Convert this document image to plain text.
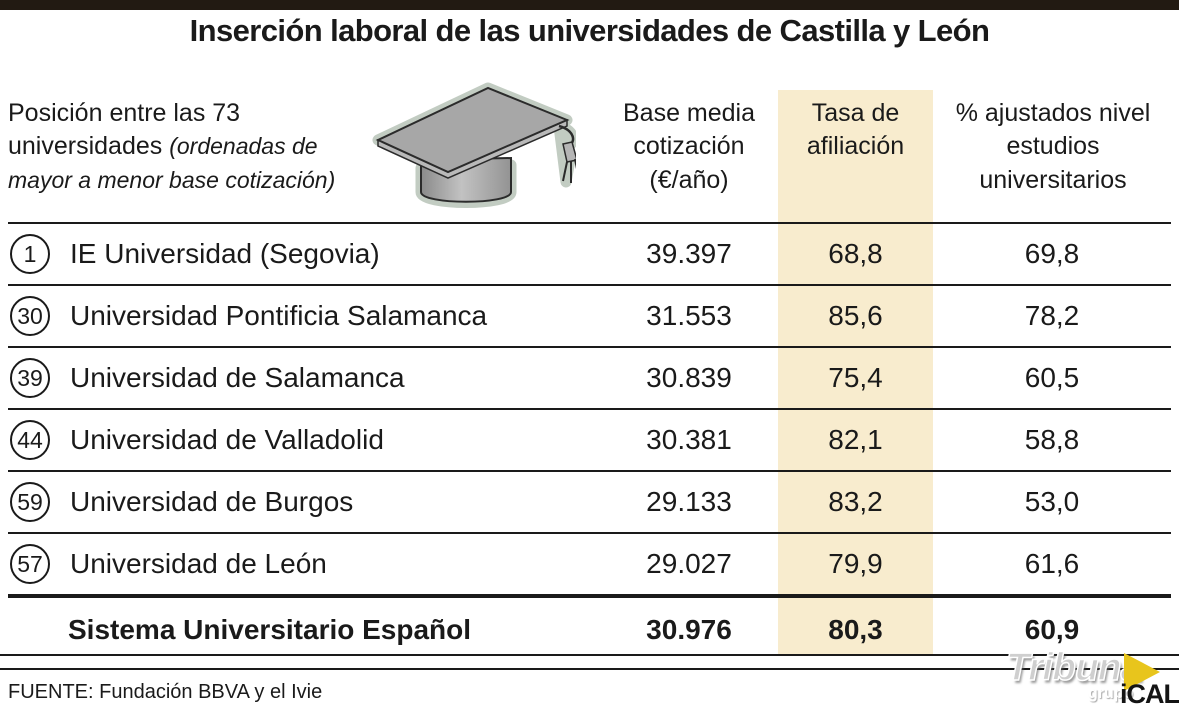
Inserción laboral de las universidades de Castilla y León
Posición entre las 73 universidades (ordenadas de mayor a menor base cotización)
Base media cotización (€/año)
Tasa de afiliación
% ajustados nivel estudios universitarios
1	IE Universidad (Segovia)	39.397	68,8	69,8
30 Universidad Pontificia Salamanca	31.553	85,6	78,2
39 Universidad de Salamanca	30.839	75,4	60,5
44 Universidad de Valladolid	30.381	82,1	58,8
59 Universidad de Burgos	29.133	83,2	53,0
57 Universidad de León	29.027	79,9	61,6
Sistema Universitario Español	30.976	80,3	60,9
FUENTE: Fundación BBVA y el Ivie
Tribuna
grupo
iCAL
